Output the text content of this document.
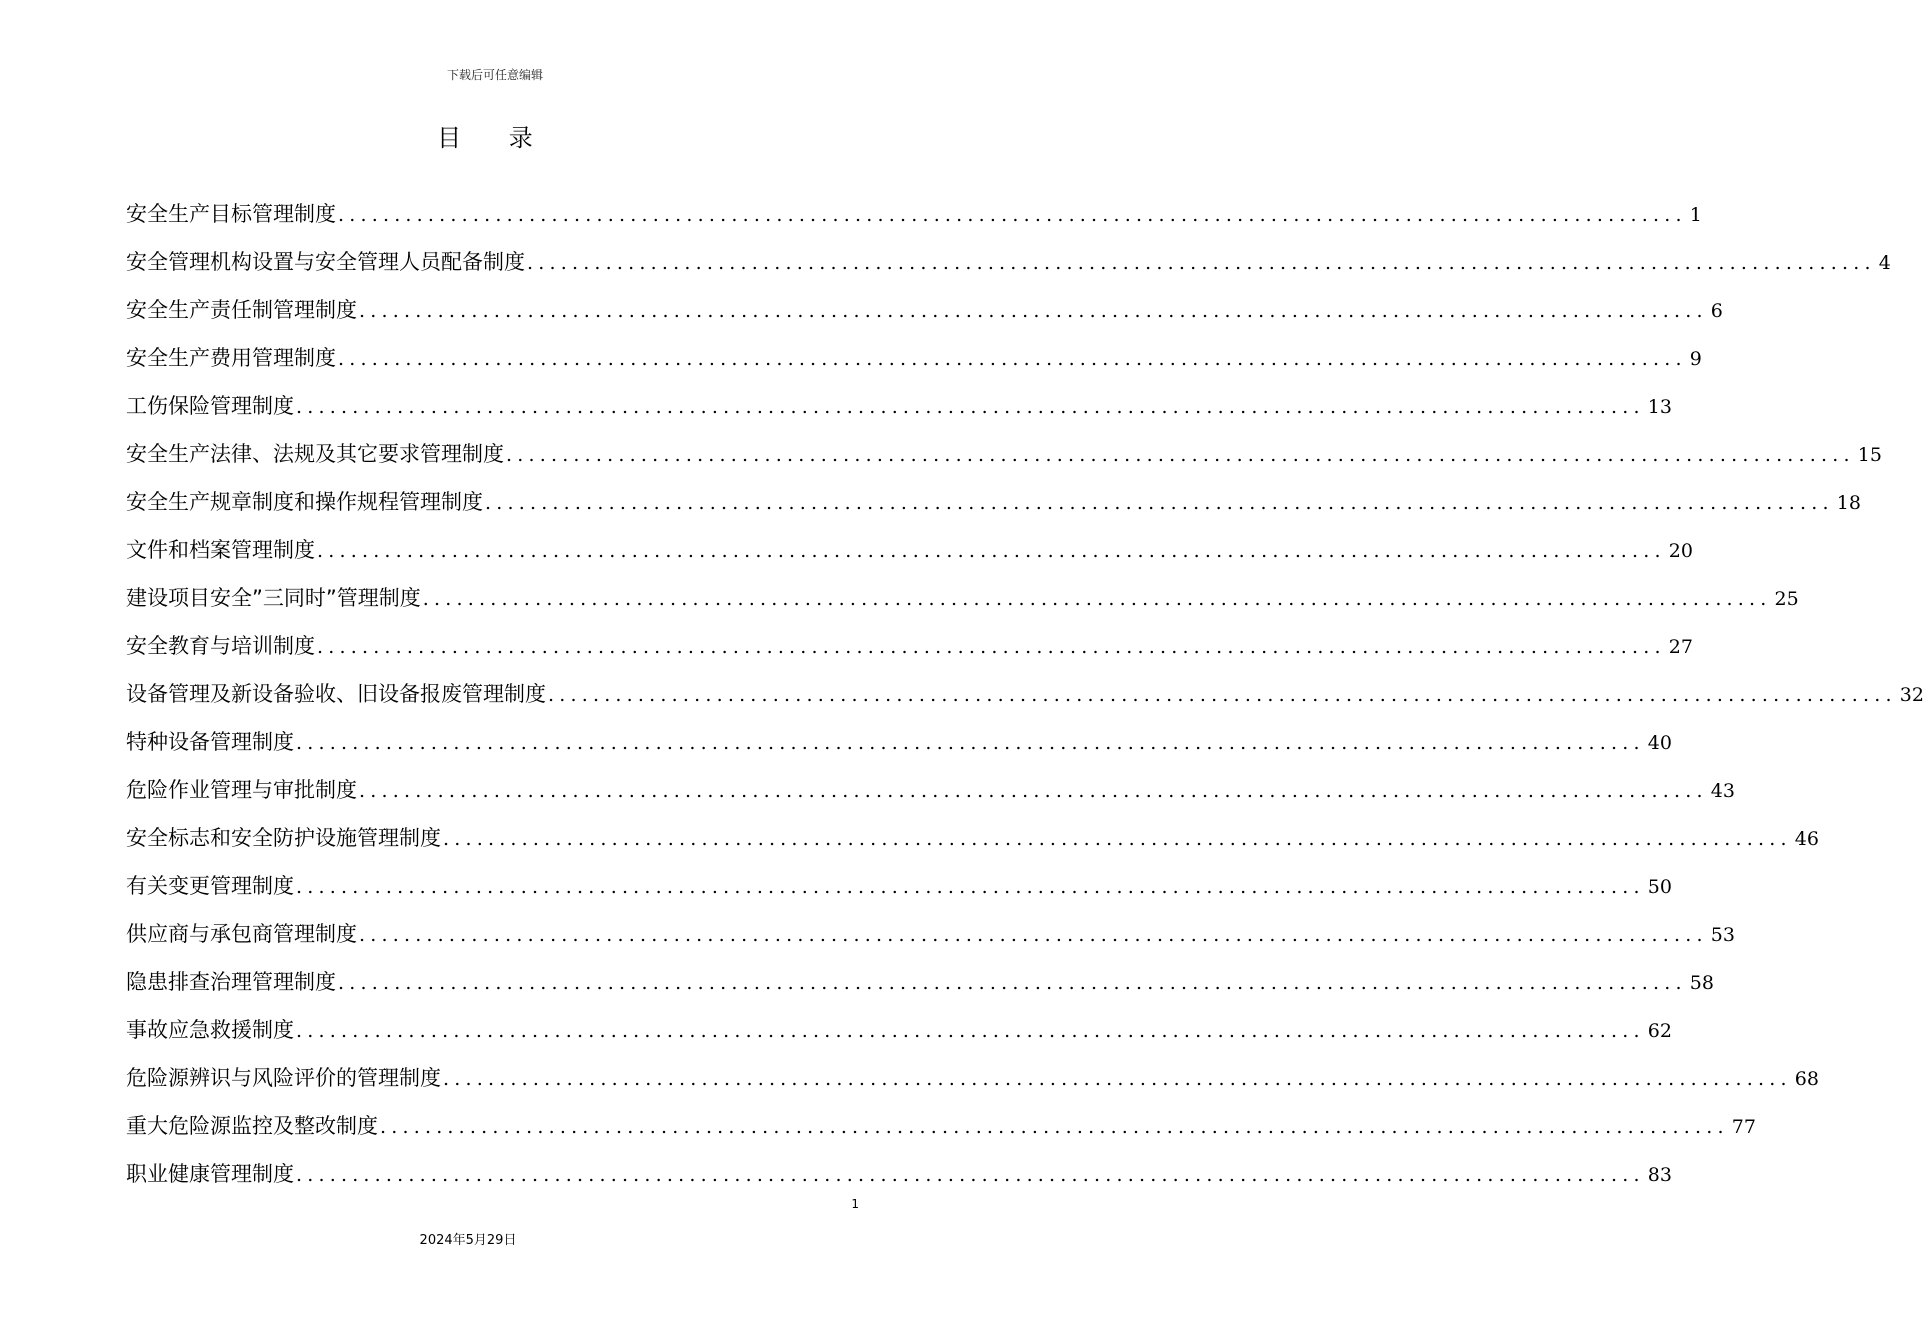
下载后可任意编辑
目 录
安全生产目标管理制度 ........................................................................................................................ 1
安全管理机构设置与安全管理人员配备制度 ........................................................................................................................ 4
安全生产责任制管理制度 ........................................................................................................................ 6
安全生产费用管理制度 ........................................................................................................................ 9
工伤保险管理制度 ........................................................................................................................ 13
安全生产法律、法规及其它要求管理制度 ........................................................................................................................ 15
安全生产规章制度和操作规程管理制度 ........................................................................................................................ 18
文件和档案管理制度 ........................................................................................................................ 20
建设项目安全”三同时”管理制度 ........................................................................................................................ 25
安全教育与培训制度 ........................................................................................................................ 27
设备管理及新设备验收、旧设备报废管理制度 ........................................................................................................................ 32
特种设备管理制度 ........................................................................................................................ 40
危险作业管理与审批制度 ........................................................................................................................ 43
安全标志和安全防护设施管理制度 ........................................................................................................................ 46
有关变更管理制度 ........................................................................................................................ 50
供应商与承包商管理制度 ........................................................................................................................ 53
隐患排查治理管理制度 ........................................................................................................................ 58
事故应急救援制度 ........................................................................................................................ 62
危险源辨识与风险评价的管理制度 ........................................................................................................................ 68
重大危险源监控及整改制度 ........................................................................................................................ 77
职业健康管理制度 ........................................................................................................................ 83
1
2024年5月29日
